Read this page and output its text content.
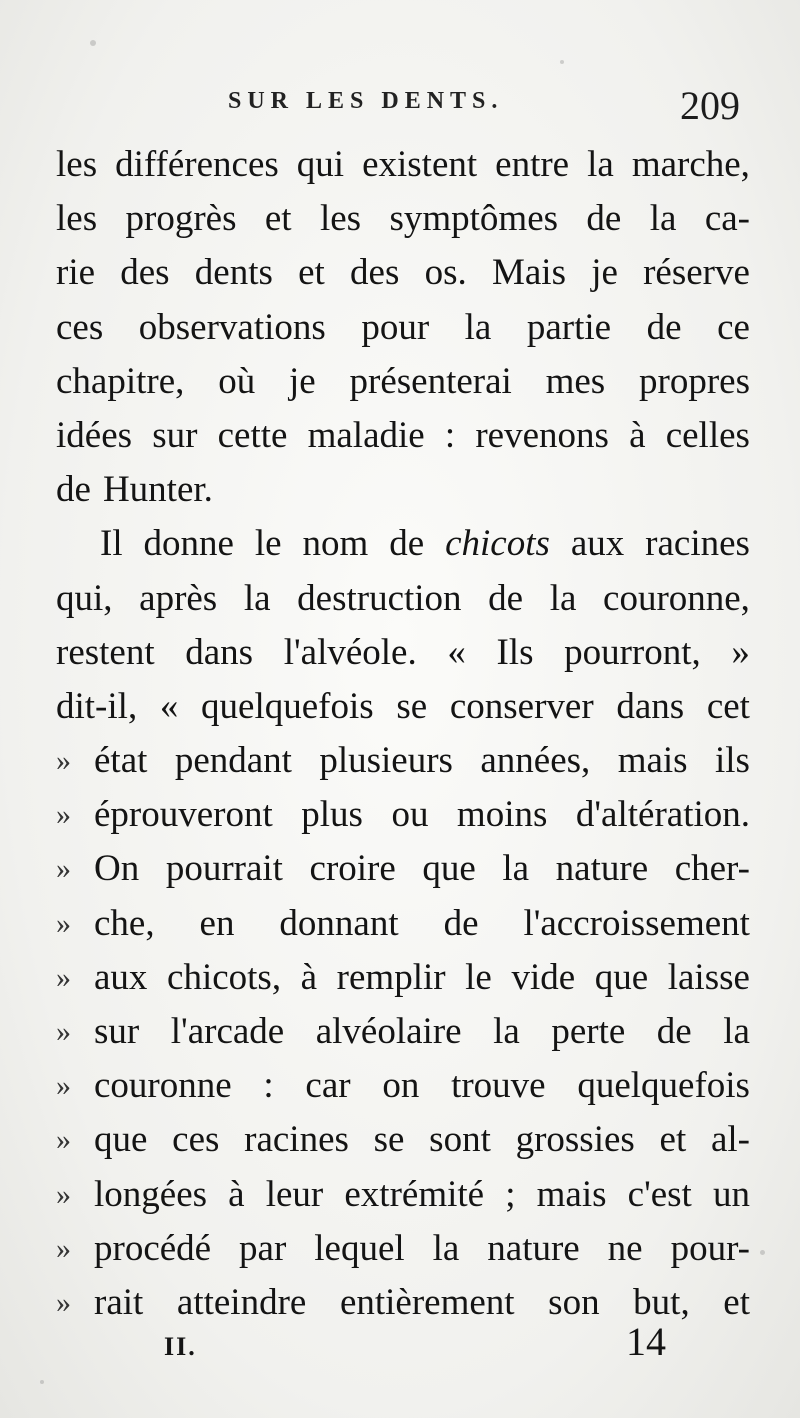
SUR LES DENTS.	209
les différences qui existent entre la marche,
les progrès et les symptômes de la ca-
rie des dents et des os. Mais je réserve
ces observations pour la partie de ce
chapitre, où je présenterai mes propres
idées sur cette maladie : revenons à celles
de Hunter.
Il donne le nom de chicots aux racines
qui, après la destruction de la couronne,
restent dans l'alvéole. « Ils pourront, »
dit-il, « quelquefois se conserver dans cet
» état pendant plusieurs années, mais ils
» éprouveront plus ou moins d'altération.
» On pourrait croire que la nature cher-
» che, en donnant de l'accroissement
» aux chicots, à remplir le vide que laisse
» sur l'arcade alvéolaire la perte de la
» couronne : car on trouve quelquefois
» que ces racines se sont grossies et al-
» longées à leur extrémité ; mais c'est un
» procédé par lequel la nature ne pour-
» rait atteindre entièrement son but, et
II.	14
